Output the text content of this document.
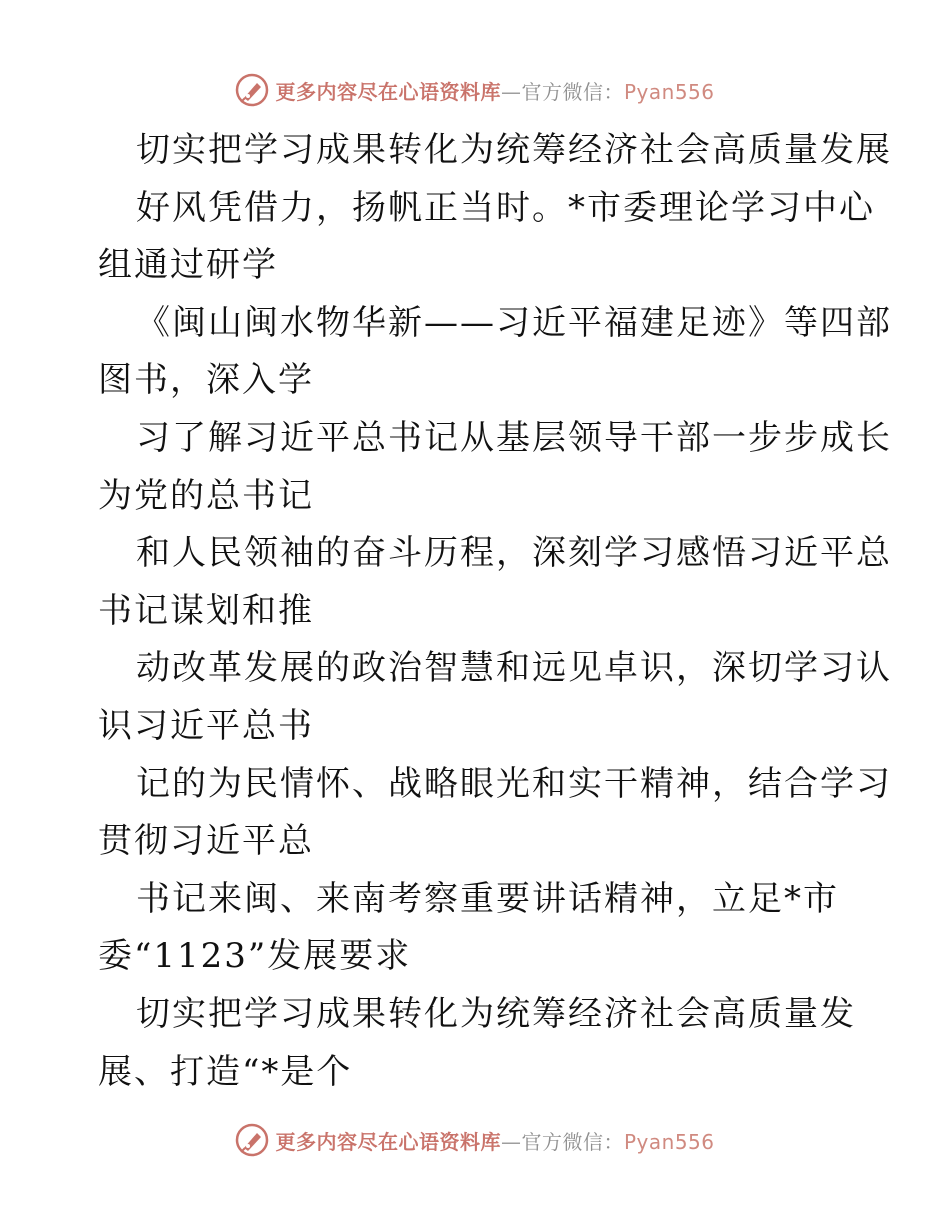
更多内容尽在心语资料库—官方微信：Pyan556
切实把学习成果转化为统筹经济社会高质量发展
好风凭借力，扬帆正当时。*市委理论学习中心
组通过研学
《闽山闽水物华新——习近平福建足迹》等四部
图书，深入学
习了解习近平总书记从基层领导干部一步步成长
为党的总书记
和人民领袖的奋斗历程，深刻学习感悟习近平总
书记谋划和推
动改革发展的政治智慧和远见卓识，深切学习认
识习近平总书
记的为民情怀、战略眼光和实干精神，结合学习
贯彻习近平总
书记来闽、来南考察重要讲话精神，立足*市
委“1123”发展要求
切实把学习成果转化为统筹经济社会高质量发
展、打造“*是个
更多内容尽在心语资料库—官方微信：Pyan556
